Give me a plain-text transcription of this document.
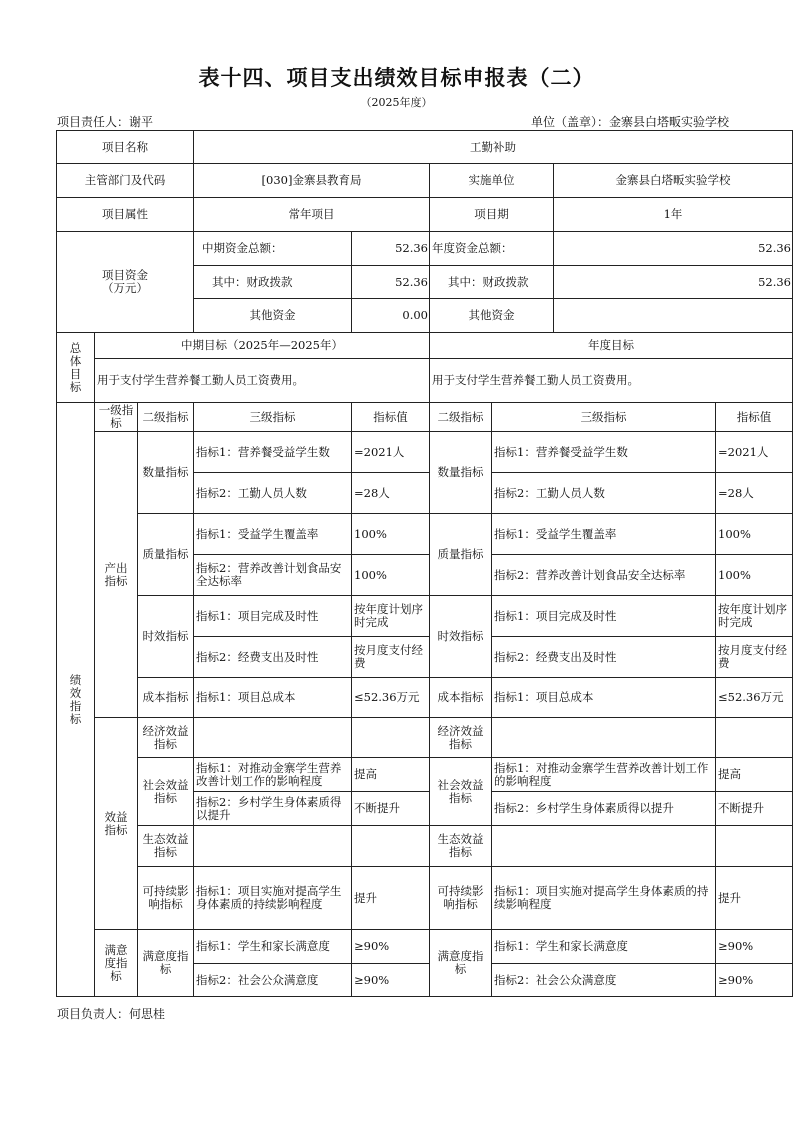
表十四、项目支出绩效目标申报表（二）
（2025年度）
项目责任人：谢平	单位（盖章）：金寨县白塔畈实验学校
项目名称			工勤补助					
主管部门及代码			[030]金寨县教育局		实施单位		金寨县白塔畈实验学校	
项目属性			常年项目		项目期		1年	
项目资金
（万元）			中期资金总额：	52.36	年度资金总额：		52.36	
			其中：财政拨款	52.36	其中：财政拨款		52.36	
			其他资金	0.00	其他资金			
总
体
目
标	中期目标（2025年—2025年）				年度目标			
	用于支付学生营养餐工勤人员工资费用。				用于支付学生营养餐工勤人员工资费用。			
绩
效
指
标	一级指标	二级指标	三级指标	指标值	二级指标	三级指标		指标值
	产出指标	数量指标	指标1：营养餐受益学生数	=2021人	数量指标	指标1：营养餐受益学生数		=2021人
			指标2：工勤人员人数	=28人		指标2：工勤人员人数		=28人
		质量指标	指标1：受益学生覆盖率	100%	质量指标	指标1：受益学生覆盖率		100%
			指标2：营养改善计划食品安全达标率	100%		指标2：营养改善计划食品安全达标率		100%
		时效指标	指标1：项目完成及时性	按年度计划序时完成	时效指标	指标1：项目完成及时性		按年度计划序时完成
			指标2：经费支出及时性	按月度支付经费		指标2：经费支出及时性		按月度支付经费
		成本指标	指标1：项目总成本	≤52.36万元	成本指标	指标1：项目总成本		≤52.36万元
	效益指标	经济效益指标			经济效益指标			
		社会效益指标	指标1：对推动金寨学生营养改善计划工作的影响程度	提高	社会效益指标	指标1：对推动金寨学生营养改善计划工作的影响程度		提高
			指标2：乡村学生身体素质得以提升	不断提升		指标2：乡村学生身体素质得以提升		不断提升
		生态效益指标			生态效益指标			
		可持续影响指标	指标1：项目实施对提高学生身体素质的持续影响程度	提升	可持续影响指标	指标1：项目实施对提高学生身体素质的持续影响程度		提升
	满意度指标	满意度指标	指标1：学生和家长满意度	≥90%	满意度指标	指标1：学生和家长满意度		≥90%
			指标2：社会公众满意度	≥90%		指标2：社会公众满意度		≥90%
项目负责人：何思桂
